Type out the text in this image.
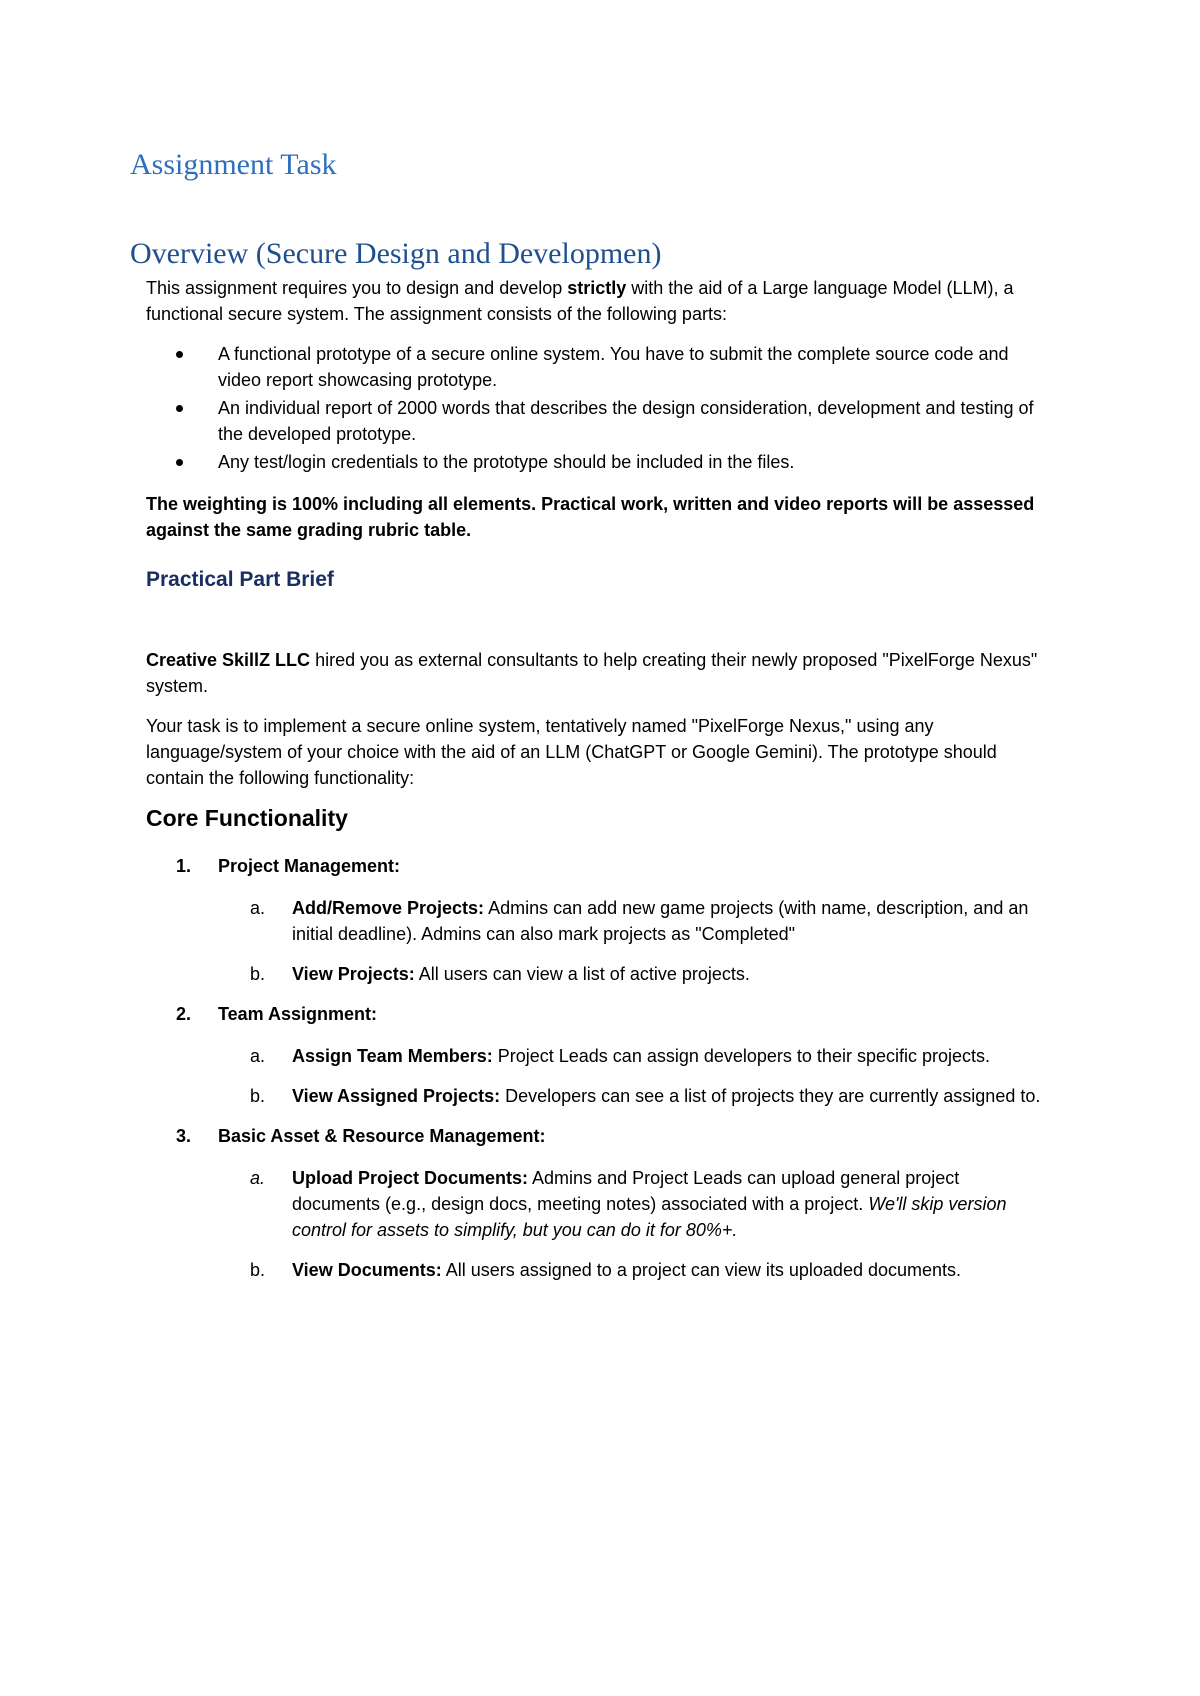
Assignment Task
Overview (Secure Design and Developmen)

This assignment requires you to design and develop strictly with the aid of a Large language Model (LLM), a functional secure system. The assignment consists of the following parts:

A functional prototype of a secure online system. You have to submit the complete source code and video report showcasing prototype.
An individual report of 2000 words that describes the design consideration, development and testing of the developed prototype.
Any test/login credentials to the prototype should be included in the files.

The weighting is 100% including all elements. Practical work, written and video reports will be assessed against the same grading rubric table.

Practical Part Brief

Creative SkillZ LLC hired you as external consultants to help creating their newly proposed "PixelForge Nexus" system.

Your task is to implement a secure online system, tentatively named "PixelForge Nexus," using any language/system of your choice with the aid of an LLM (ChatGPT or Google Gemini). The prototype should contain the following functionality:

Core Functionality
1. Project Management:
a. Add/Remove Projects: Admins can add new game projects (with name, description, and an initial deadline). Admins can also mark projects as "Completed"
b. View Projects: All users can view a list of active projects.
2. Team Assignment:
a. Assign Team Members: Project Leads can assign developers to their specific projects.
b. View Assigned Projects: Developers can see a list of projects they are currently assigned to.
3. Basic Asset & Resource Management:
a. Upload Project Documents: Admins and Project Leads can upload general project documents (e.g., design docs, meeting notes) associated with a project. We'll skip version control for assets to simplify, but you can do it for 80%+.
b. View Documents: All users assigned to a project can view its uploaded documents.
